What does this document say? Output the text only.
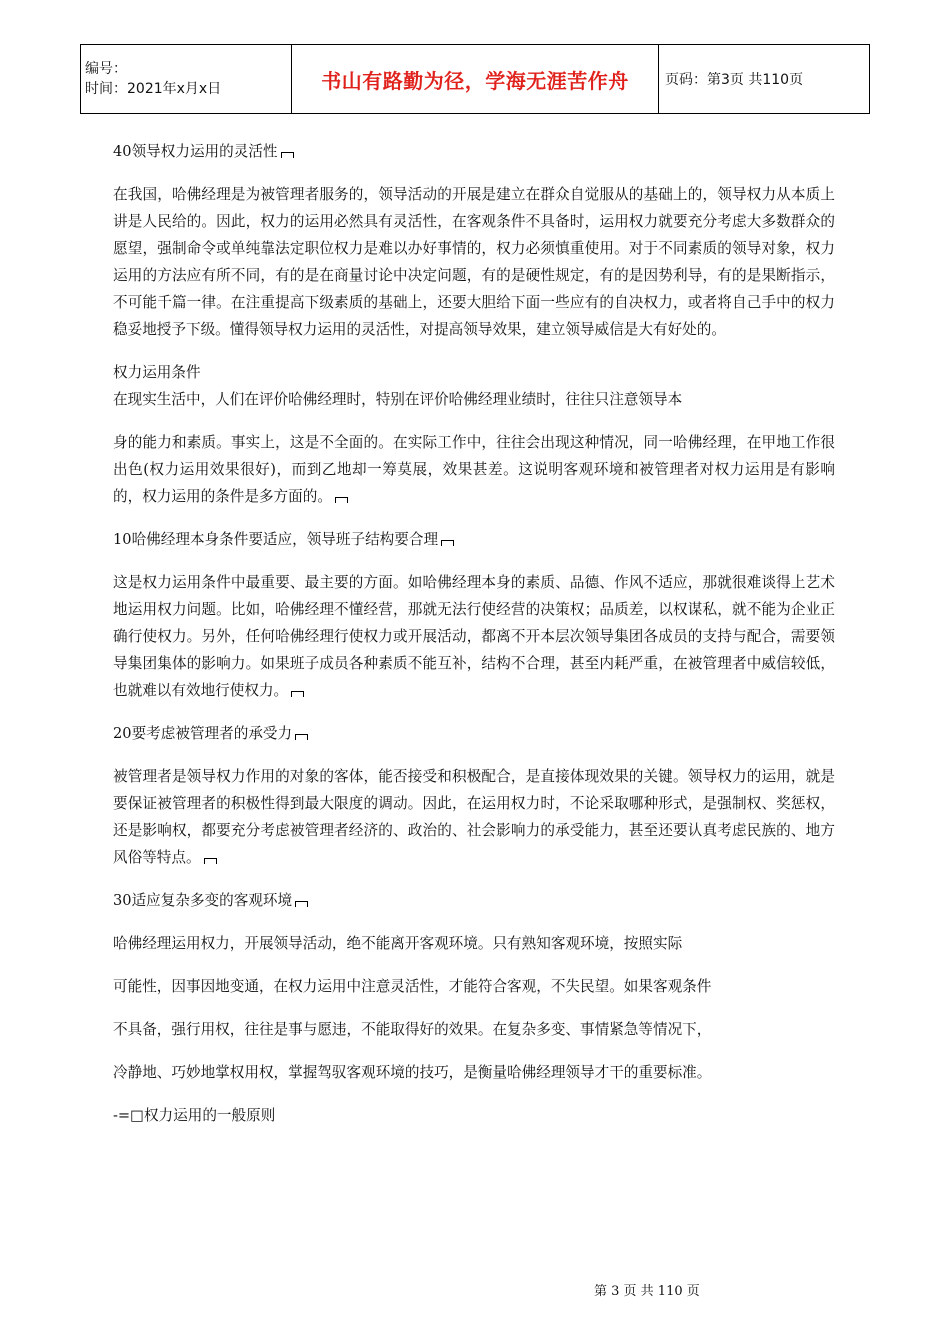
编号：
时间：2021年x月x日	书山有路勤为径，学海无涯苦作舟	页码：第3页 共110页

40领导权力运用的灵活性

在我国，哈佛经理是为被管理者服务的，领导活动的开展是建立在群众自觉服从的基础上的，领导权力从本质上讲是人民给的。因此，权力的运用必然具有灵活性，在客观条件不具备时，运用权力就要充分考虑大多数群众的愿望，强制命令或单纯靠法定职位权力是难以办好事情的，权力必须慎重使用。对于不同素质的领导对象，权力运用的方法应有所不同，有的是在商量讨论中决定问题，有的是硬性规定，有的是因势利导，有的是果断指示，不可能千篇一律。在注重提高下级素质的基础上，还要大胆给下面一些应有的自决权力，或者将自己手中的权力稳妥地授予下级。懂得领导权力运用的灵活性，对提高领导效果，建立领导威信是大有好处的。

权力运用条件

在现实生活中，人们在评价哈佛经理时，特别在评价哈佛经理业绩时，往往只注意领导本

身的能力和素质。事实上，这是不全面的。在实际工作中，往往会出现这种情况，同一哈佛经理，在甲地工作很出色(权力运用效果很好)，而到乙地却一筹莫展，效果甚差。这说明客观环境和被管理者对权力运用是有影响的，权力运用的条件是多方面的。

10哈佛经理本身条件要适应，领导班子结构要合理

这是权力运用条件中最重要、最主要的方面。如哈佛经理本身的素质、品德、作风不适应，那就很难谈得上艺术地运用权力问题。比如，哈佛经理不懂经营，那就无法行使经营的决策权；品质差，以权谋私，就不能为企业正确行使权力。另外，任何哈佛经理行使权力或开展活动，都离不开本层次领导集团各成员的支持与配合，需要领导集团集体的影响力。如果班子成员各种素质不能互补，结构不合理，甚至内耗严重，在被管理者中威信较低，也就难以有效地行使权力。

20要考虑被管理者的承受力

被管理者是领导权力作用的对象的客体，能否接受和积极配合，是直接体现效果的关键。领导权力的运用，就是要保证被管理者的积极性得到最大限度的调动。因此，在运用权力时，不论采取哪种形式，是强制权、奖惩权，还是影响权，都要充分考虑被管理者经济的、政治的、社会影响力的承受能力，甚至还要认真考虑民族的、地方风俗等特点。

30适应复杂多变的客观环境

哈佛经理运用权力，开展领导活动，绝不能离开客观环境。只有熟知客观环境，按照实际

可能性，因事因地变通，在权力运用中注意灵活性，才能符合客观，不失民望。如果客观条件

不具备，强行用权，往往是事与愿违，不能取得好的效果。在复杂多变、事情紧急等情况下，

冷静地、巧妙地掌权用权，掌握驾驭客观环境的技巧，是衡量哈佛经理领导才干的重要标准。

-=□权力运用的一般原则

第 3 页 共 110 页
